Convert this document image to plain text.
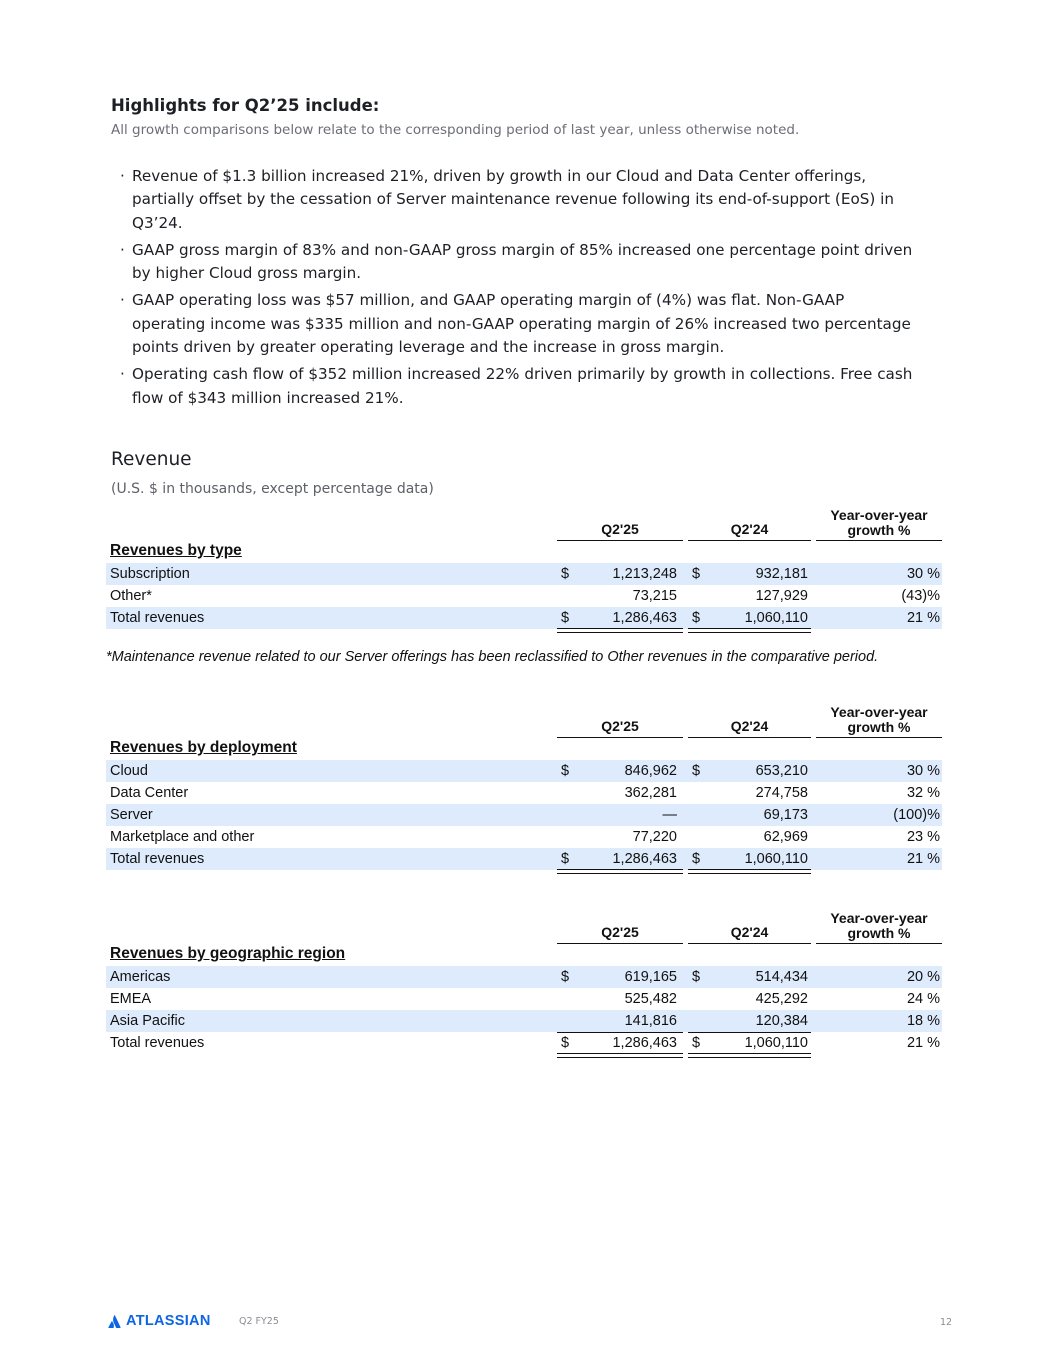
Highlights for Q2’25 include:
All growth comparisons below relate to the corresponding period of last year, unless otherwise noted.
· Revenue of $1.3 billion increased 21%, driven by growth in our Cloud and Data Center offerings, partially offset by the cessation of Server maintenance revenue following its end-of-support (EoS) in Q3’24.
· GAAP gross margin of 83% and non-GAAP gross margin of 85% increased one percentage point driven by higher Cloud gross margin.
· GAAP operating loss was $57 million, and GAAP operating margin of (4%) was flat. Non-GAAP operating income was $335 million and non-GAAP operating margin of 26% increased two percentage points driven by greater operating leverage and the increase in gross margin.
· Operating cash flow of $352 million increased 22% driven primarily by growth in collections. Free cash flow of $343 million increased 21%.
Revenue
(U.S. $ in thousands, except percentage data)
Q2'25	Q2'24
Year-over-year
growth %
Revenues by type
Subscription	$	1,213,248 $	932,181	30 %
Other*	73,215	127,929	(43)%
Total revenues	$	1,286,463 $	1,060,110	21 %
Q2'25	Q2'24
Year-over-year
growth %
Revenues by deployment
Cloud	$	846,962 $	653,210	30 %
Data Center	362,281	274,758	32 %
Server	—	69,173	(100)%
Marketplace and other	77,220	62,969	23 %
Total revenues	$	1,286,463 $	1,060,110	21 %
Q2'25	Q2'24
Year-over-year
growth %
Revenues by geographic region
Americas	$	619,165 $	514,434	20 %
EMEA	525,482	425,292	24 %
Asia Pacific	141,816	120,384	18 %
Total revenues	$	1,286,463 $	1,060,110	21 %
*Maintenance revenue related to our Server offerings has been reclassified to Other revenues in the comparative period.
ATLASSIAN	Q2 FY25	12
